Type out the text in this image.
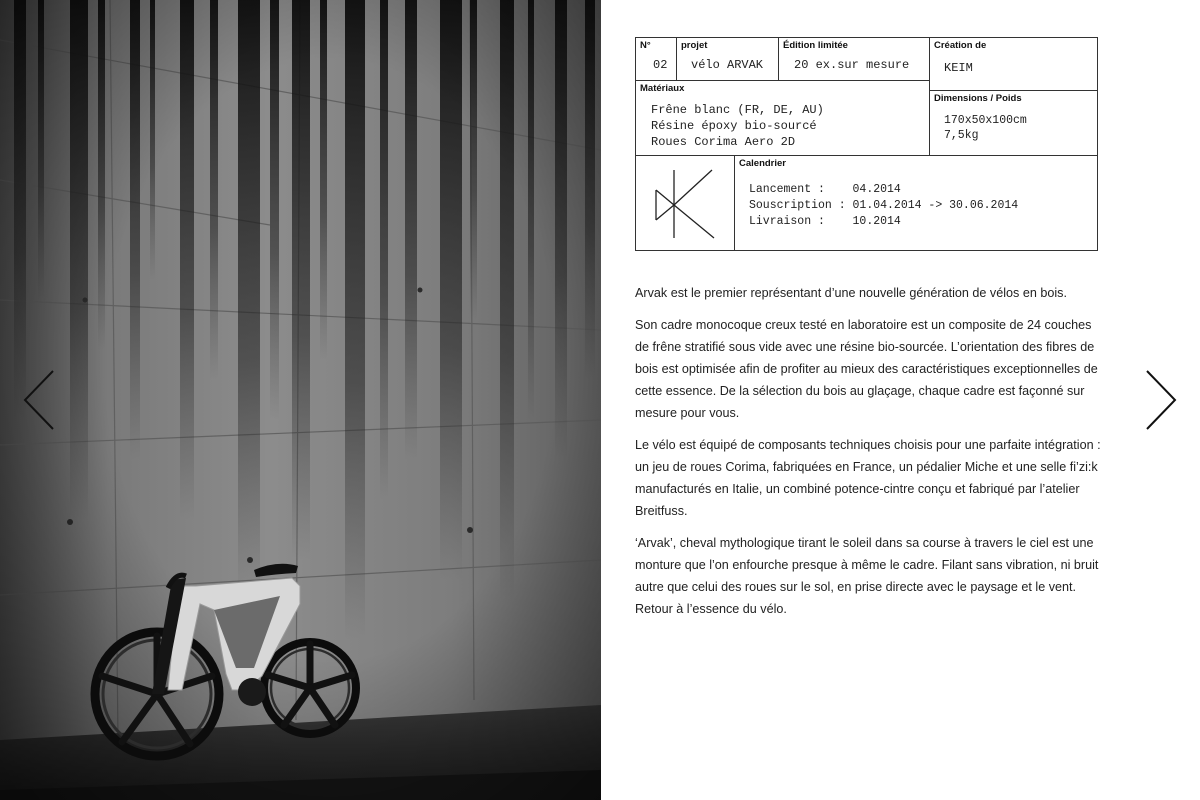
N°
02
projet
vélo ARVAK
Édition limitée
20 ex.sur mesure
Création de
KEIM
Matériaux
Frêne blanc (FR, DE, AU)
Résine époxy bio-sourcé
Roues Corima Aero 2D
Dimensions / Poids
170x50x100cm
7,5kg
Calendrier
Lancement :    04.2014
Souscription : 01.04.2014 -> 30.06.2014
Livraison :    10.2014

Arvak est le premier représentant d’une nouvelle génération de vélos en bois.

Son cadre monocoque creux testé en laboratoire est un composite de 24 couches de frêne stratifié sous vide avec une résine bio-sourcée. L’orientation des fibres de bois est optimisée afin de profiter au mieux des caractéristiques exceptionnelles de cette essence. De la sélection du bois au glaçage, chaque cadre est façonné sur mesure pour vous.

Le vélo est équipé de composants techniques choisis pour une parfaite intégration : un jeu de roues Corima, fabriquées en France, un pédalier Miche et une selle fi’zi:k manufacturés en Italie, un combiné potence-cintre conçu et fabriqué par l’atelier Breitfuss.

‘Arvak’, cheval mythologique tirant le soleil dans sa course à travers le ciel est une monture que l’on enfourche presque à même le cadre. Filant sans vibration, ni bruit autre que celui des roues sur le sol, en prise directe avec le paysage et le vent. Retour à l’essence du vélo.
